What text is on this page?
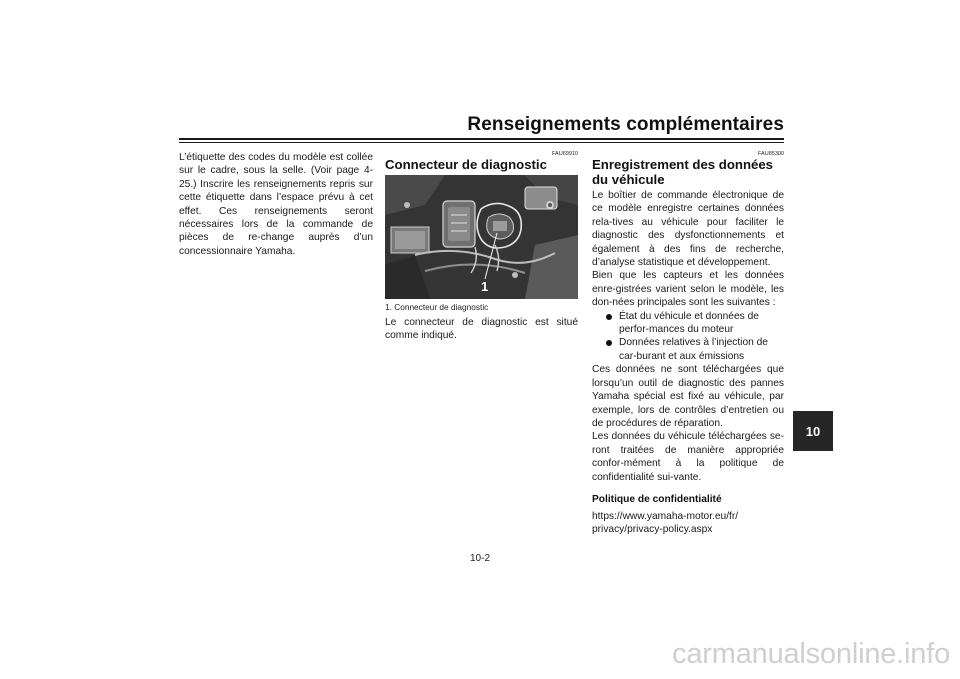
Renseignements complémentaires

L’étiquette des codes du modèle est collée sur le cadre, sous la selle. (Voir page 4-25.) Inscrire les renseignements repris sur cette étiquette dans l’espace prévu à cet effet. Ces renseignements seront nécessaires lors de la commande de pièces de re-change auprès d’un concessionnaire Yamaha.

FAU69910
Connecteur de diagnostic
1
1. Connecteur de diagnostic

Le connecteur de diagnostic est situé comme indiqué.

FAU85300
Enregistrement des données du véhicule

Le boîtier de commande électronique de ce modèle enregistre certaines données rela-tives au véhicule pour faciliter le diagnostic des dysfonctionnements et également à des fins de recherche, d’analyse statistique et développement.

Bien que les capteurs et les données enre-gistrées varient selon le modèle, les don-nées principales sont les suivantes :

État du véhicule et données de perfor-mances du moteur
Données relatives à l’injection de car-burant et aux émissions

Ces données ne sont téléchargées que lorsqu’un outil de diagnostic des pannes Yamaha spécial est fixé au véhicule, par exemple, lors de contrôles d’entretien ou de procédures de réparation.

Les données du véhicule téléchargées se-ront traitées de manière appropriée confor-mément à la politique de confidentialité sui-vante.

Politique de confidentialité

https://www.yamaha-motor.eu/fr/

privacy/privacy-policy.aspx

10
10-2
carmanualsonline.info
